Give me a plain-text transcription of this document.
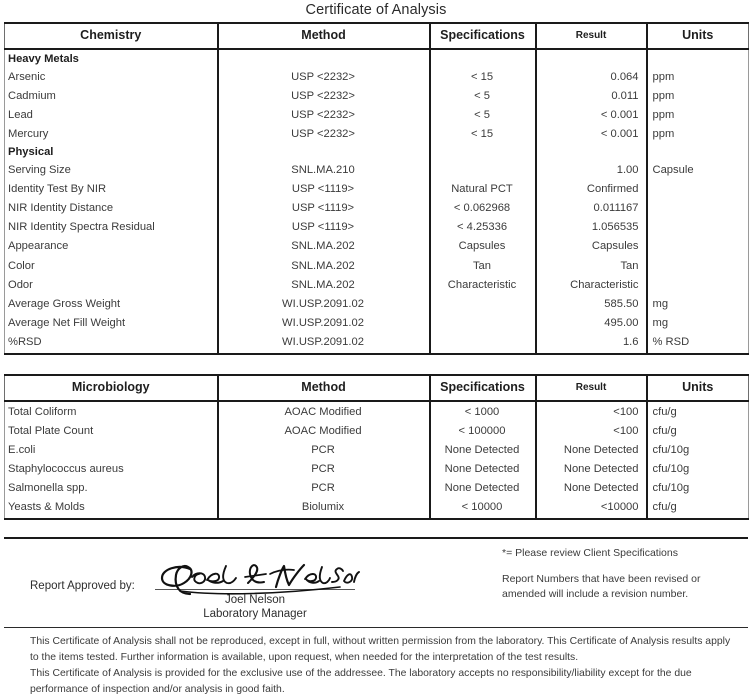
Certificate of Analysis
Chemistry	Method	Specifications	Result	Units
Heavy Metals				
Arsenic	USP <2232>	< 15	0.064	ppm
Cadmium	USP <2232>	< 5	0.011	ppm
Lead	USP <2232>	< 5	< 0.001	ppm
Mercury	USP <2232>	< 15	< 0.001	ppm
Physical				
Serving Size	SNL.MA.210		1.00	Capsule
Identity Test By NIR	USP <1119>	Natural PCT	Confirmed	
NIR Identity Distance	USP <1119>	< 0.062968	0.011167	
NIR Identity Spectra Residual	USP <1119>	< 4.25336	1.056535	
Appearance	SNL.MA.202	Capsules	Capsules	
Color	SNL.MA.202	Tan	Tan	
Odor	SNL.MA.202	Characteristic	Characteristic	
Average Gross Weight	WI.USP.2091.02		585.50	mg
Average Net Fill Weight	WI.USP.2091.02		495.00	mg
%RSD	WI.USP.2091.02		1.6	% RSD
Microbiology	Method	Specifications	Result	Units
Total Coliform	AOAC Modified	< 1000	<100	cfu/g
Total Plate Count	AOAC Modified	< 100000	<100	cfu/g
E.coli	PCR	None Detected	None Detected	cfu/10g
Staphylococcus aureus	PCR	None Detected	None Detected	cfu/10g
Salmonella spp.	PCR	None Detected	None Detected	cfu/10g
Yeasts & Molds	Biolumix	< 10000	<10000	cfu/g
Report Approved by:
Joel Nelson
Laboratory Manager
*= Please review Client Specifications
Report Numbers that have been revised or amended will include a revision number.

This Certificate of Analysis shall not be reproduced, except in full, without written permission from the laboratory. This Certificate of Analysis results apply to the items tested. Further information is available, upon request, when needed for the interpretation of the test results.

This Certificate of Analysis is provided for the exclusive use of the addressee. The laboratory accepts no responsibility/liability except for the due performance of inspection and/or analysis in good faith.
